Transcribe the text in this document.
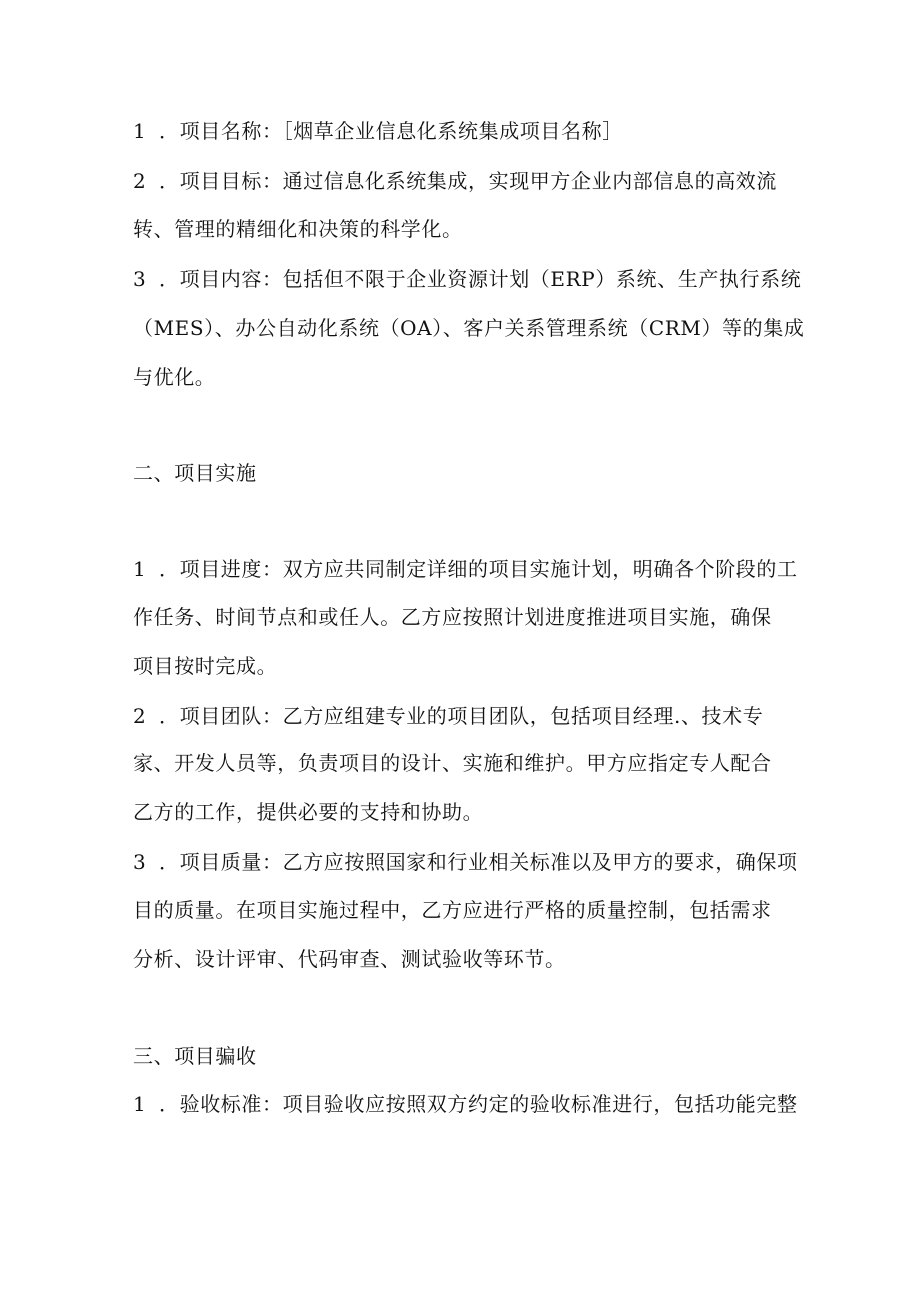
1 ．项目名称：［烟草企业信息化系统集成项目名称］
2 ．项目目标：通过信息化系统集成，实现甲方企业内部信息的高效流
转、管理的精细化和决策的科学化。
3 ．项目内容：包括但不限于企业资源计划（ERP）系统、生产执行系统
（MES）、办公自动化系统（OA）、客户关系管理系统（CRM）等的集成
与优化。
二、项目实施
1 ．项目进度：双方应共同制定详细的项目实施计划，明确各个阶段的工
作任务、时间节点和或任人。乙方应按照计划进度推进项目实施，确保
项目按时完成。
2 ．项目团队：乙方应组建专业的项目团队，包括项目经理.、技术专
家、开发人员等，负责项目的设计、实施和维护。甲方应指定专人配合
乙方的工作，提供必要的支持和协助。
3 ．项目质量：乙方应按照国家和行业相关标准以及甲方的要求，确保项
目的质量。在项目实施过程中，乙方应进行严格的质量控制，包括需求
分析、设计评审、代码审查、测试验收等环节。
三、项目骗收
1 ．验收标准：项目验收应按照双方约定的验收标准进行，包括功能完整
